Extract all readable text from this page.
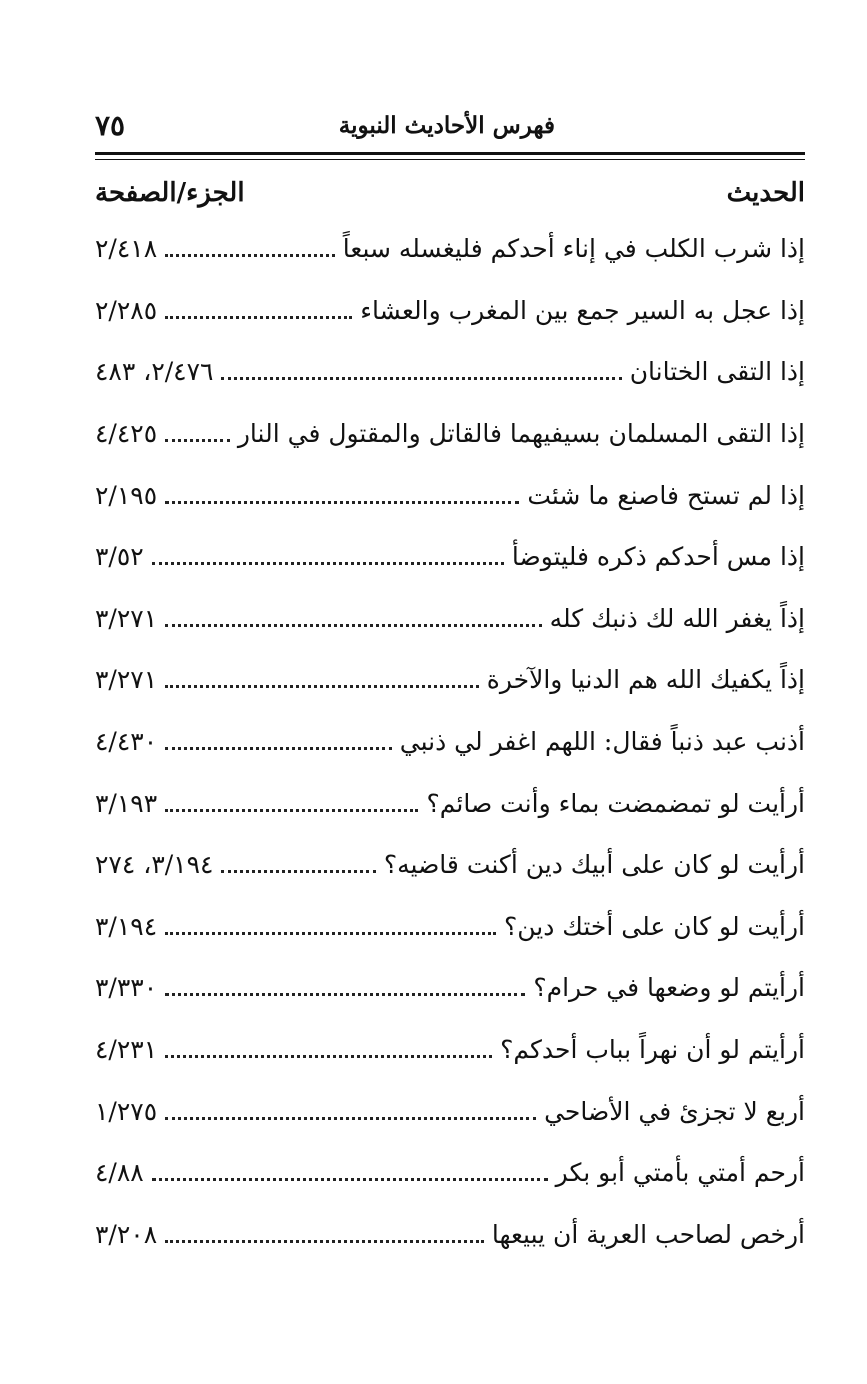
٧٥	فهرس الأحاديث النبوية
الجزء/الصفحة	الحديث
إذا شرب الكلب في إناء أحدكم فليغسله سبعاً
٢/٤١٨
إذا عجل به السير جمع بين المغرب والعشاء
٢/٢٨٥
إذا التقى الختانان
٢/٤٧٦، ٤٨٣
إذا التقى المسلمان بسيفيهما فالقاتل والمقتول في النار
٤/٤٢٥
إذا لم تستح فاصنع ما شئت
٢/١٩٥
إذا مس أحدكم ذكره فليتوضأ
٣/٥٢
إذاً يغفر الله لك ذنبك كله
٣/٢٧١
إذاً يكفيك الله هم الدنيا والآخرة
٣/٢٧١
أذنب عبد ذنباً فقال: اللهم اغفر لي ذنبي
٤/٤٣٠
أرأيت لو تمضمضت بماء وأنت صائم؟
٣/١٩٣
أرأيت لو كان على أبيك دين أكنت قاضيه؟
٣/١٩٤، ٢٧٤
أرأيت لو كان على أختك دين؟
٣/١٩٤
أرأيتم لو وضعها في حرام؟
٣/٣٣٠
أرأيتم لو أن نهراً بباب أحدكم؟
٤/٢٣١
أربع لا تجزئ في الأضاحي
١/٢٧٥
أرحم أمتي بأمتي أبو بكر
٤/٨٨
أرخص لصاحب العرية أن يبيعها
٣/٢٠٨
